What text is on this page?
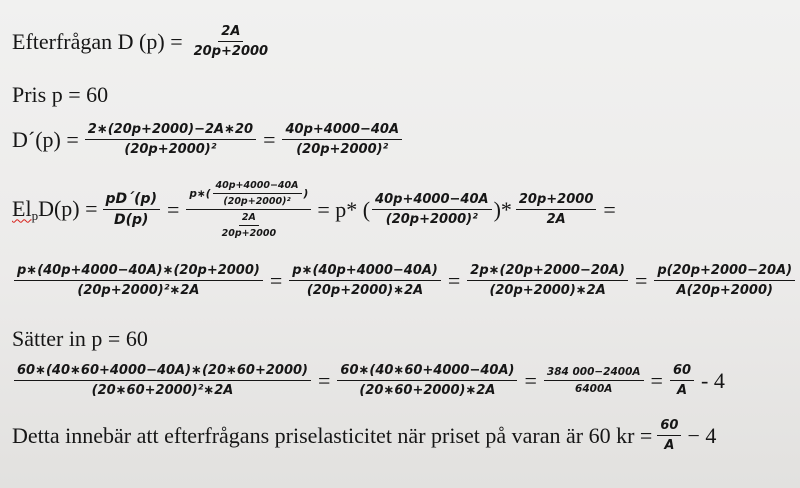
Efterfrågan D $(p) = \frac{2A}{20p+2000}$
Pris p = 60
D´(p) = $\frac{2∗(20p+2000)-2A∗20}{\text{(20p+2000)²}} = \frac{40p+4000-40A}{\text{(20p+2000)²}}$
$El_pD(p) = \frac{pD´(p)}{D(p)}$ =
p∗( $\frac{40p+4000-40A}{\text{(20p+2000)²}}$ )
$\frac{2A}{20p+2000}$
= p* ( $\frac{40p+4000-40A}{\text{(20p+2000)²}}$ )* $\frac{20p+2000}{2A}$ =
$\frac{p∗(40p+4000-40A)∗(20p+2000)}{\text{(20p+2000)²∗2A}} = \frac{p∗(40p+4000-40A)}{(20p+2000)∗2A} = \frac{2p∗(20p+2000-20A)}{(20p+2000)∗2A} = \frac{p(20p+2000-20A)}{A(20p+2000)}$
Sätter in p = 60
$\frac{60∗(40∗60+4000-40A)∗(20∗60+2000)}{\text{(20∗60+2000)²∗2A}} = \frac{60∗(40∗60+4000-40A)}{(20∗60+2000)∗2A} = \frac{384 000-2400A}{6400A} = \frac{60}{A} - 4$
Detta innebär att efterfrågans priselasticitet när priset på varan är 60 kr = $\frac{60}{A} - 4$
